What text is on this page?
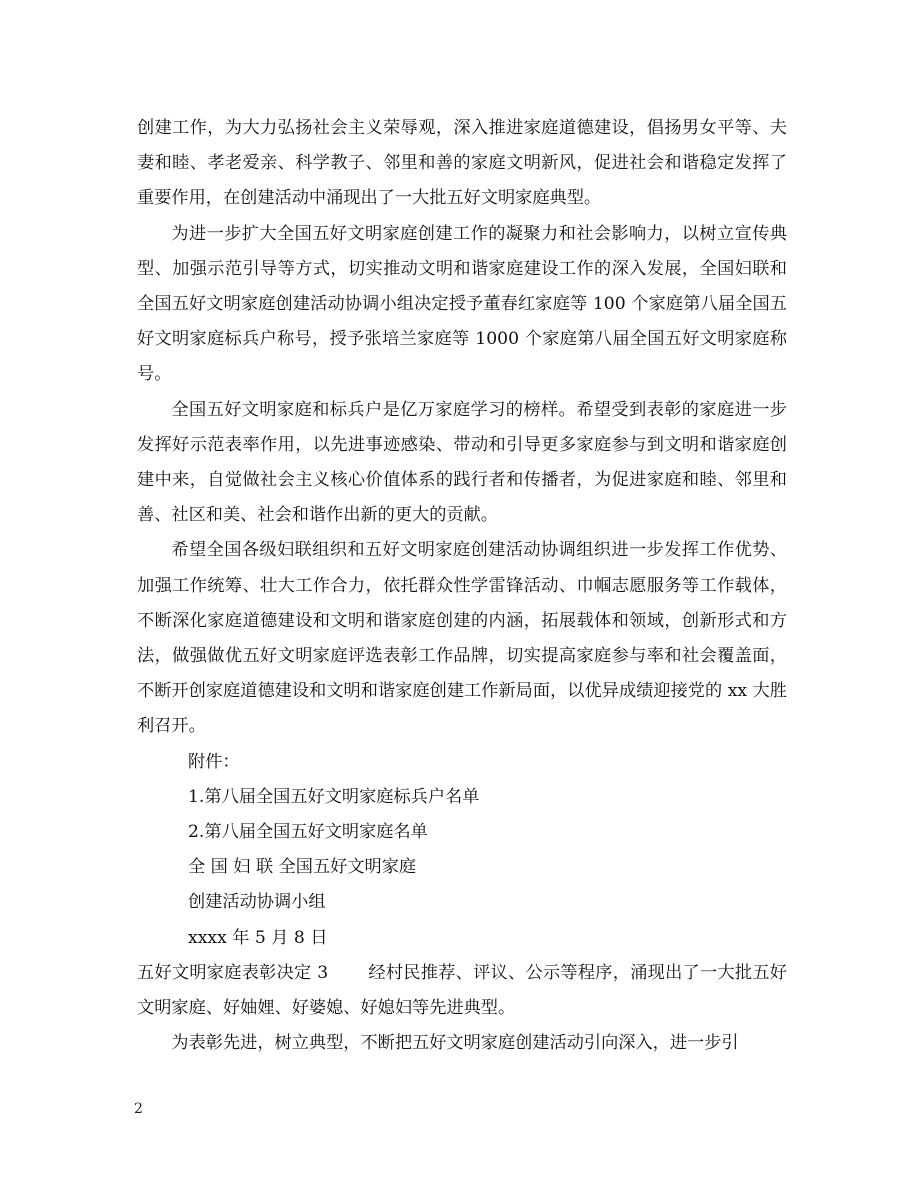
创建工作，为大力弘扬社会主义荣辱观，深入推进家庭道德建设，倡扬男女平等、夫妻和睦、孝老爱亲、科学教子、邻里和善的家庭文明新风，促进社会和谐稳定发挥了重要作用，在创建活动中涌现出了一大批五好文明家庭典型。

为进一步扩大全国五好文明家庭创建工作的凝聚力和社会影响力，以树立宣传典型、加强示范引导等方式，切实推动文明和谐家庭建设工作的深入发展，全国妇联和全国五好文明家庭创建活动协调小组决定授予董春红家庭等 100 个家庭第八届全国五好文明家庭标兵户称号，授予张培兰家庭等 1000 个家庭第八届全国五好文明家庭称号。

全国五好文明家庭和标兵户是亿万家庭学习的榜样。希望受到表彰的家庭进一步发挥好示范表率作用，以先进事迹感染、带动和引导更多家庭参与到文明和谐家庭创建中来，自觉做社会主义核心价值体系的践行者和传播者，为促进家庭和睦、邻里和善、社区和美、社会和谐作出新的更大的贡献。

希望全国各级妇联组织和五好文明家庭创建活动协调组织进一步发挥工作优势、加强工作统筹、壮大工作合力，依托群众性学雷锋活动、巾帼志愿服务等工作载体，不断深化家庭道德建设和文明和谐家庭创建的内涵，拓展载体和领域，创新形式和方法，做强做优五好文明家庭评选表彰工作品牌，切实提高家庭参与率和社会覆盖面，不断开创家庭道德建设和文明和谐家庭创建工作新局面，以优异成绩迎接党的 xx 大胜利召开。

附件：

1.第八届全国五好文明家庭标兵户名单

2.第八届全国五好文明家庭名单

全 国 妇 联 全国五好文明家庭

创建活动协调小组

xxxx 年 5 月 8 日

五好文明家庭表彰决定 3 经村民推荐、评议、公示等程序，涌现出了一大批五好文明家庭、好妯娌、好婆媳、好媳妇等先进典型。

为表彰先进，树立典型，不断把五好文明家庭创建活动引向深入，进一步引

2
